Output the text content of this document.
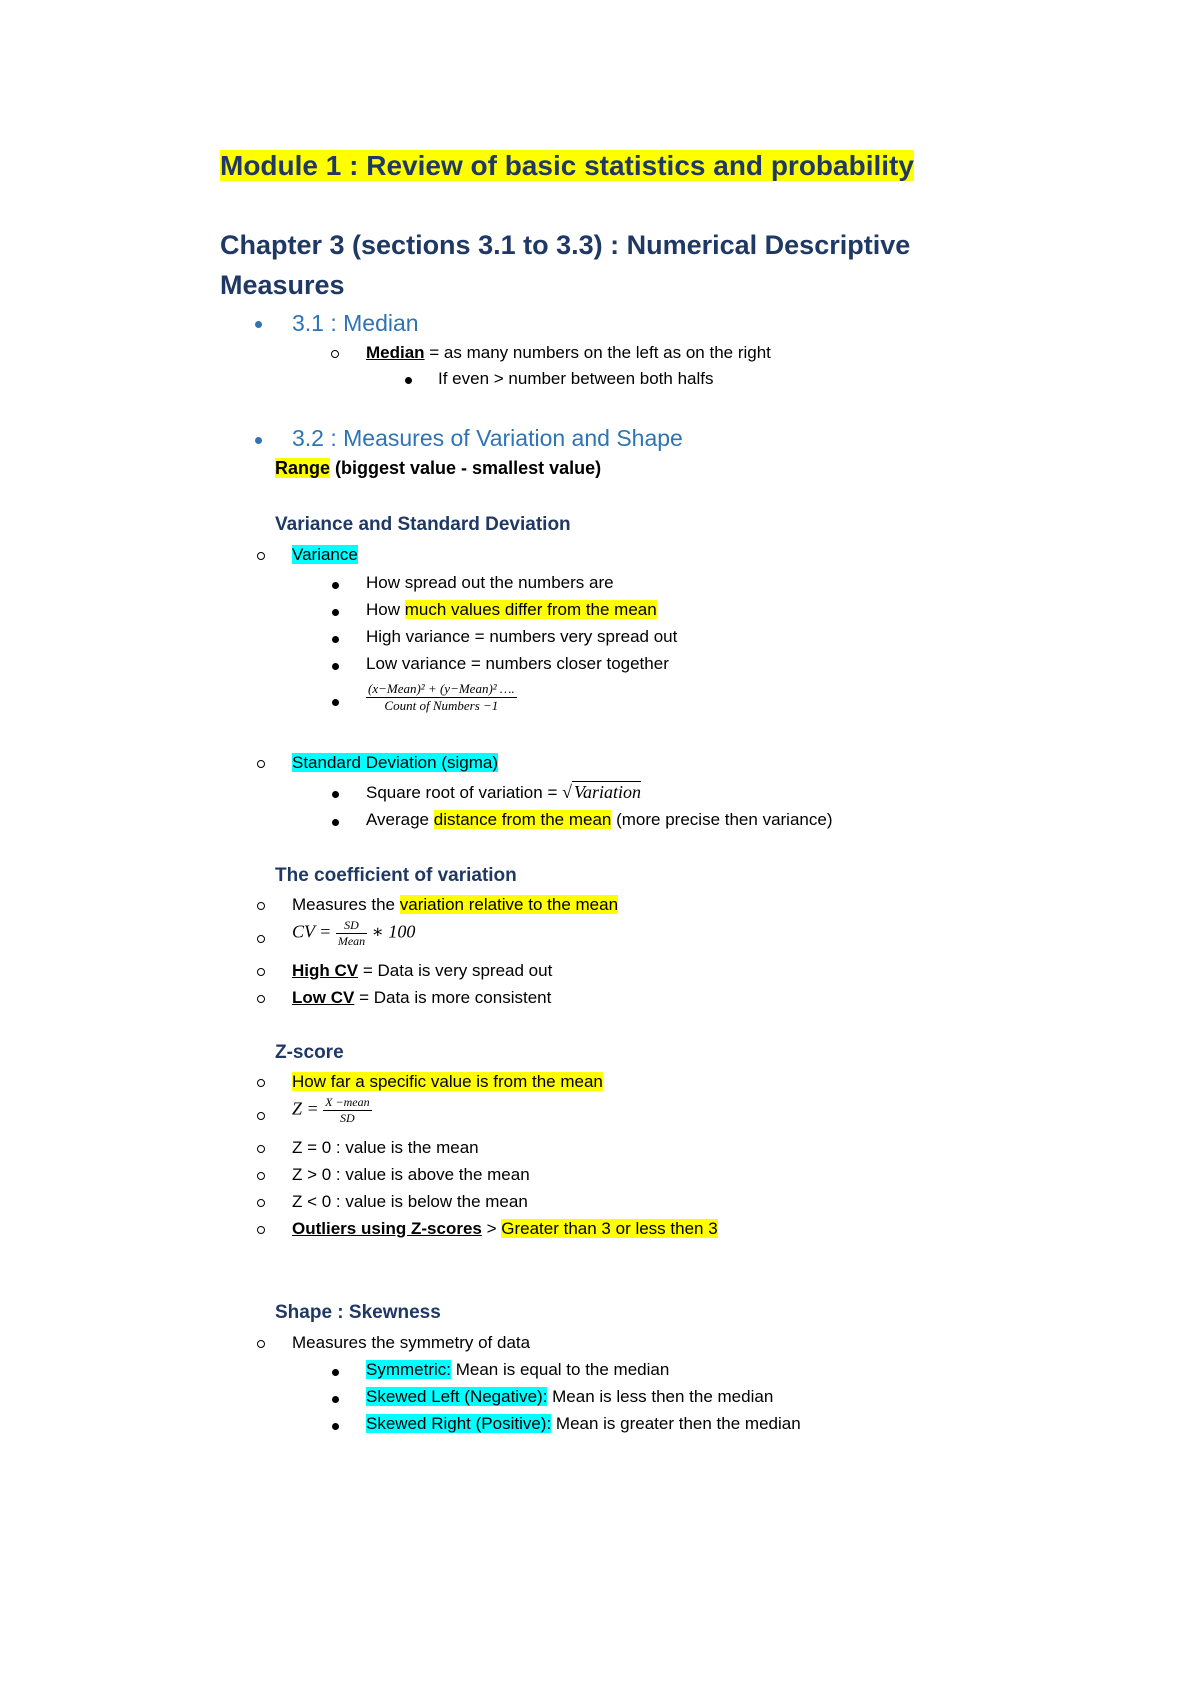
Module 1 : Review of basic statistics and probability
Chapter 3 (sections 3.1 to 3.3) : Numerical Descriptive
Measures
3.1 : Median
Median = as many numbers on the left as on the right
If even > number between both halfs
3.2 : Measures of Variation and Shape
Range (biggest value - smallest value)
Variance and Standard Deviation
Variance
How spread out the numbers are
How much values differ from the mean
High variance = numbers very spread out
Low variance = numbers closer together
$\frac{\text{(x−Mean)² + (y−Mean)² ….}}{\text{Count of Numbers −1}}$
Standard Deviation (sigma)
Square root of variation = √ Variation
Average distance from the mean (more precise then variance)
The coefficient of variation
Measures the variation relative to the mean
CV = $\frac{SD}{\text{Mean}}$ ∗ 100
High CV = Data is very spread out
Low CV = Data is more consistent
Z-score
How far a specific value is from the mean
$Z = \frac{\text{X −mean}}{SD}$
Z = 0 : value is the mean
Z > 0 : value is above the mean
Z < 0 : value is below the mean
Outliers using Z-scores > Greater than 3 or less then 3
Shape : Skewness
Measures the symmetry of data
Symmetric: Mean is equal to the median
Skewed Left (Negative): Mean is less then the median
Skewed Right (Positive): Mean is greater then the median
